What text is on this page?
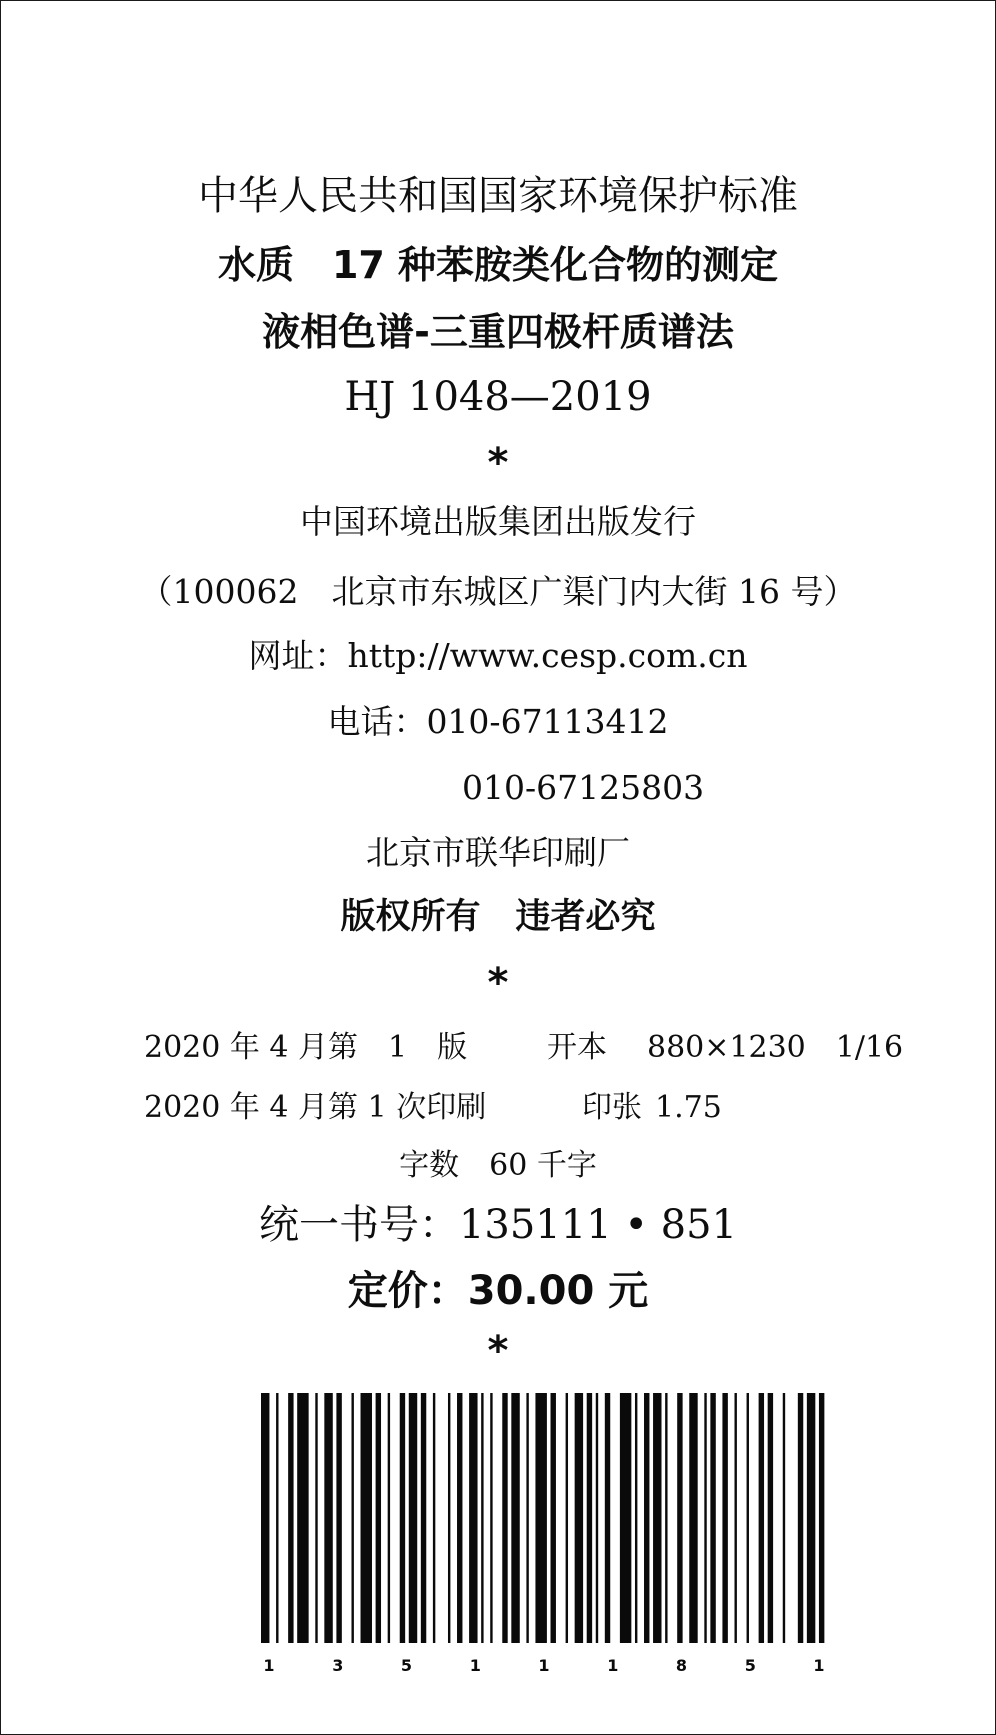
中华人民共和国国家环境保护标准
水质　17 种苯胺类化合物的测定
液相色谱-三重四极杆质谱法
HJ 1048—2019
*
中国环境出版集团出版发行
（100062　北京市东城区广渠门内大街 16 号）
网址：http://www.cesp.com.cn
电话：010-67113412
010-67125803
北京市联华印刷厂
版权所有　违者必究
*
2020 年 4 月第　1　版	开本 880×1230　1/16
2020 年 4 月第 1 次印刷	印张 1.75
字数　60 千字
统一书号：135111 • 851
定价：30.00 元
*
1	3	5	1	1	1	8	5	1
